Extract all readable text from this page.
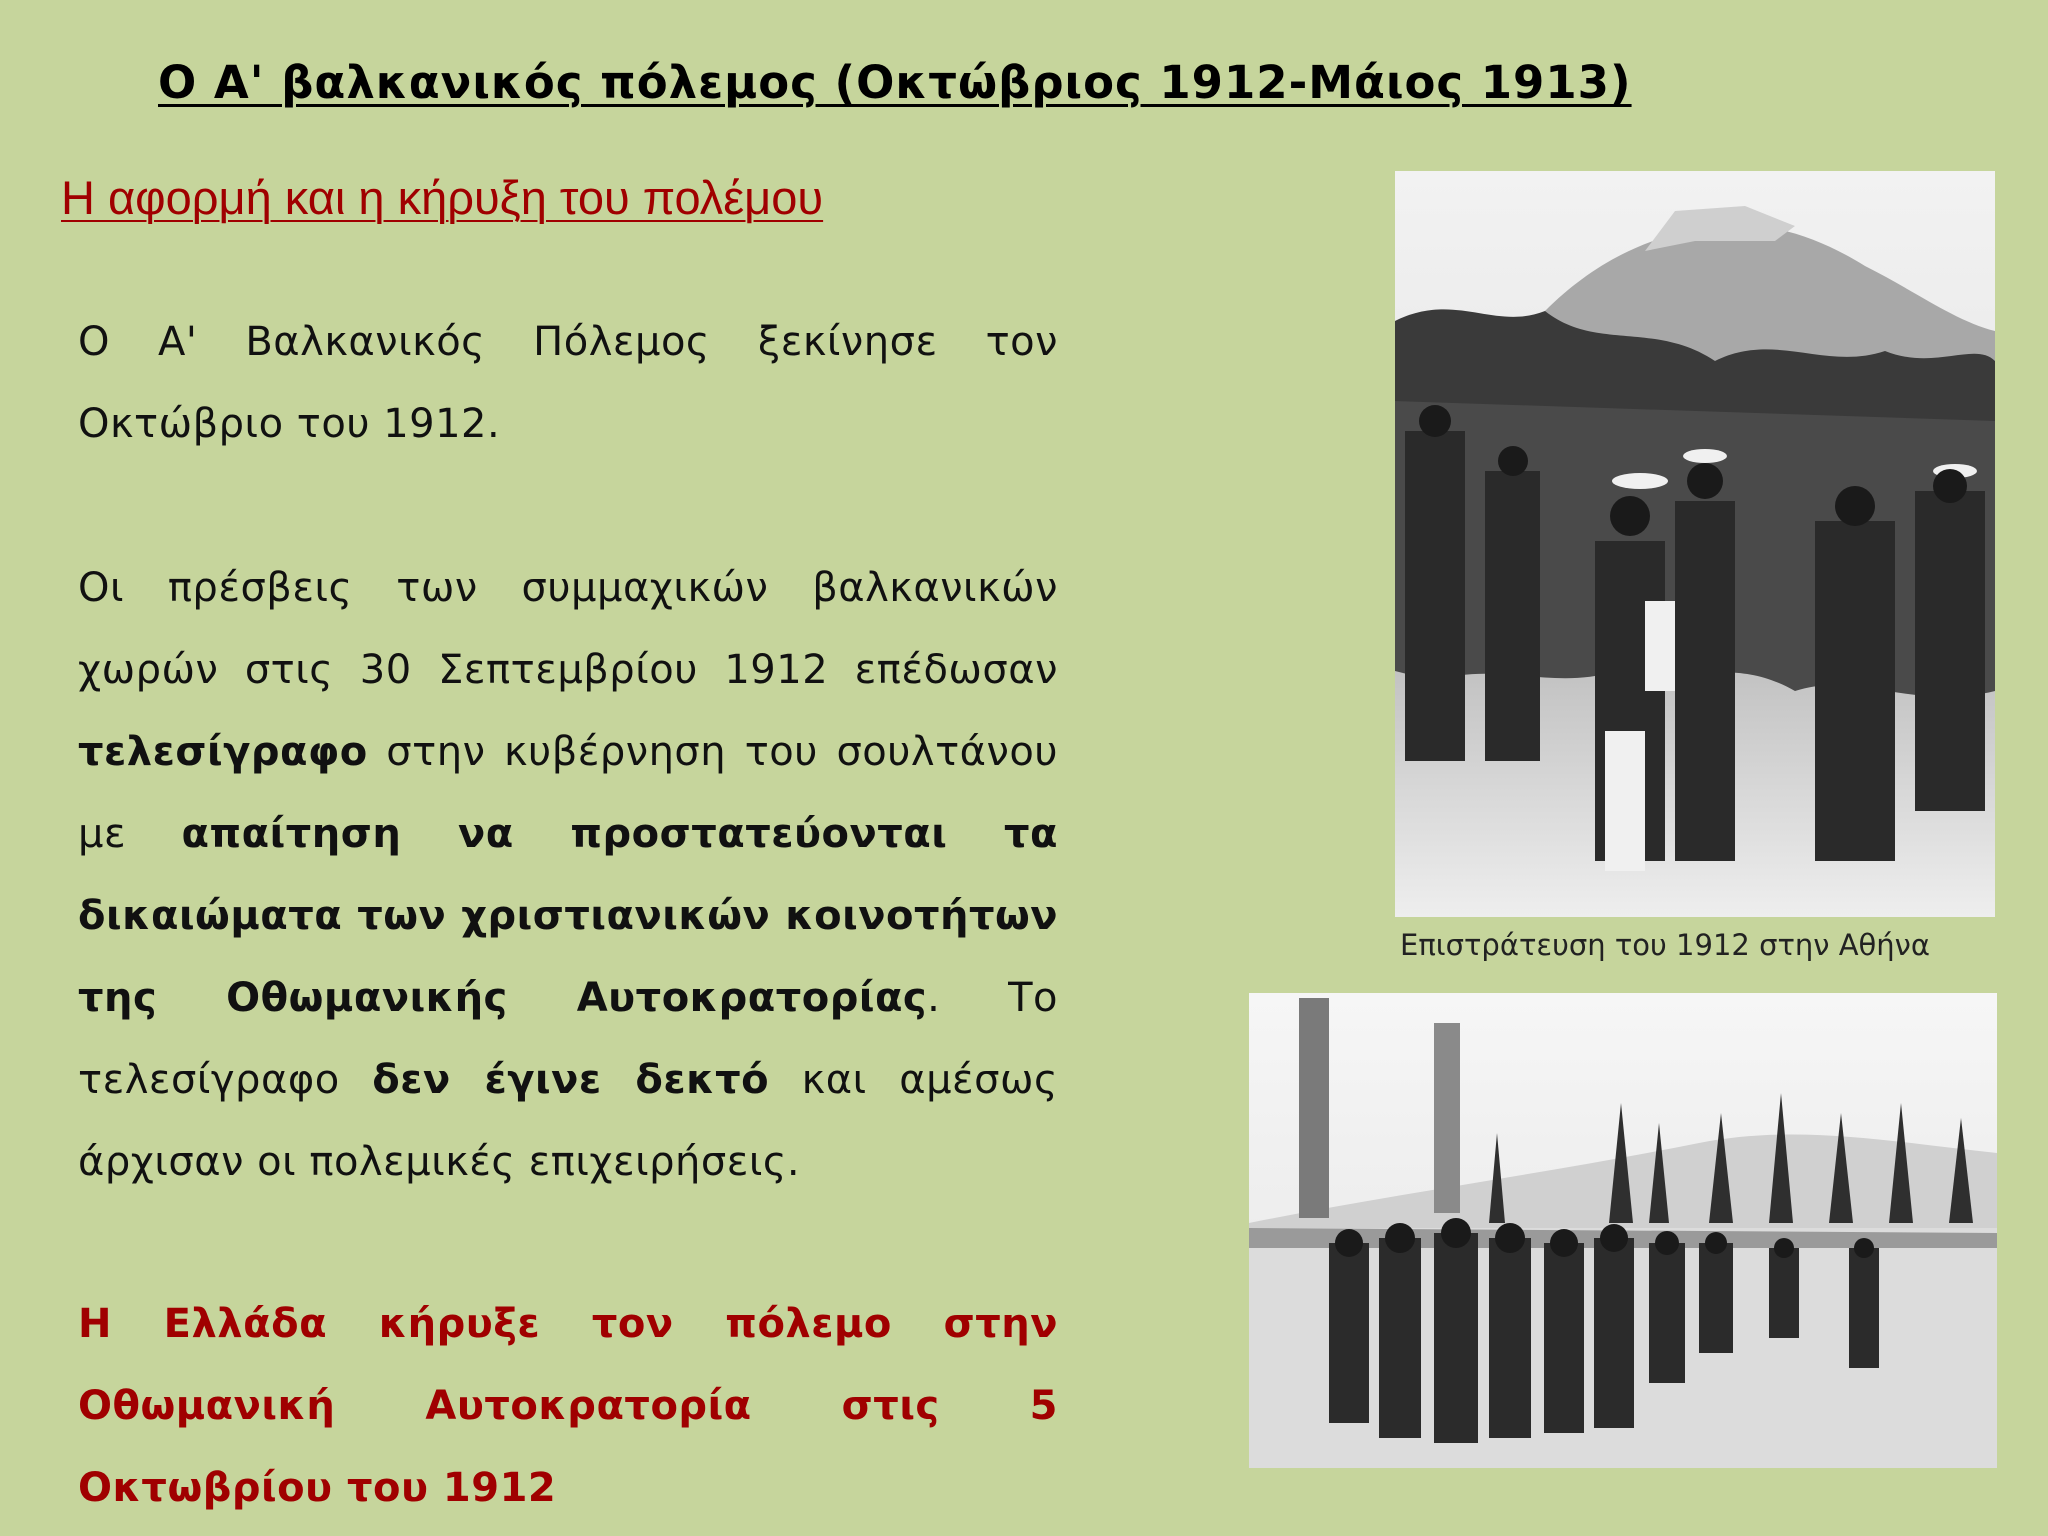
Ο Α' βαλκανικός πόλεμος (Οκτώβριος 1912-Μάιος 1913)
Η αφορμή και η κήρυξη του πολέμου

Ο Α' Βαλκανικός Πόλεμος ξεκίνησε τον Οκτώβριο του 1912.

Οι πρέσβεις των συμμαχικών βαλκανικών χωρών στις 30 Σεπτεμβρίου 1912 επέδωσαν τελεσίγραφο στην κυβέρνηση του σουλτάνου με απαίτηση να προστατεύονται τα δικαιώματα των χριστιανικών κοινοτήτων της Οθωμανικής Αυτοκρατορίας. Το τελεσίγραφο δεν έγινε δεκτό και αμέσως άρχισαν οι πολεμικές επιχειρήσεις.

Η Ελλάδα κήρυξε τον πόλεμο στην Οθωμανική Αυτοκρατορία στις 5 Οκτωβρίου του 1912

Επιστράτευση του 1912 στην Αθήνα
